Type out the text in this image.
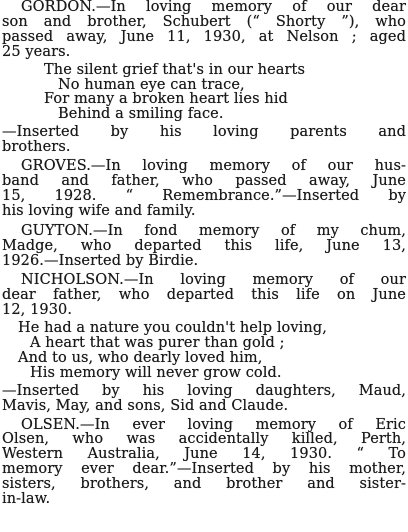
GORDON.—In loving memory of our dear
son and brother, Schubert (“ Shorty ”), who
passed away, June 11, 1930, at Nelson ; aged
25 years.
The silent grief that's in our hearts
No human eye can trace,
For many a broken heart lies hid
Behind a smiling face.
—Inserted by his loving parents and
brothers.
GROVES.—In loving memory of our hus-
band and father, who passed away, June
15, 1928. “ Remembrance.”—Inserted by
his loving wife and family.
GUYTON.—In fond memory of my chum,
Madge, who departed this life, June 13,
1926.—Inserted by Birdie.
NICHOLSON.—In loving memory of our
dear father, who departed this life on June
12, 1930.
He had a nature you couldn't help loving,
A heart that was purer than gold ;
And to us, who dearly loved him,
His memory will never grow cold.
—Inserted by his loving daughters, Maud,
Mavis, May, and sons, Sid and Claude.
OLSEN.—In ever loving memory of Eric
Olsen, who was accidentally killed, Perth,
Western Australia, June 14, 1930. “ To
memory ever dear.”—Inserted by his mother,
sisters, brothers, and brother and sister-
in-law.
